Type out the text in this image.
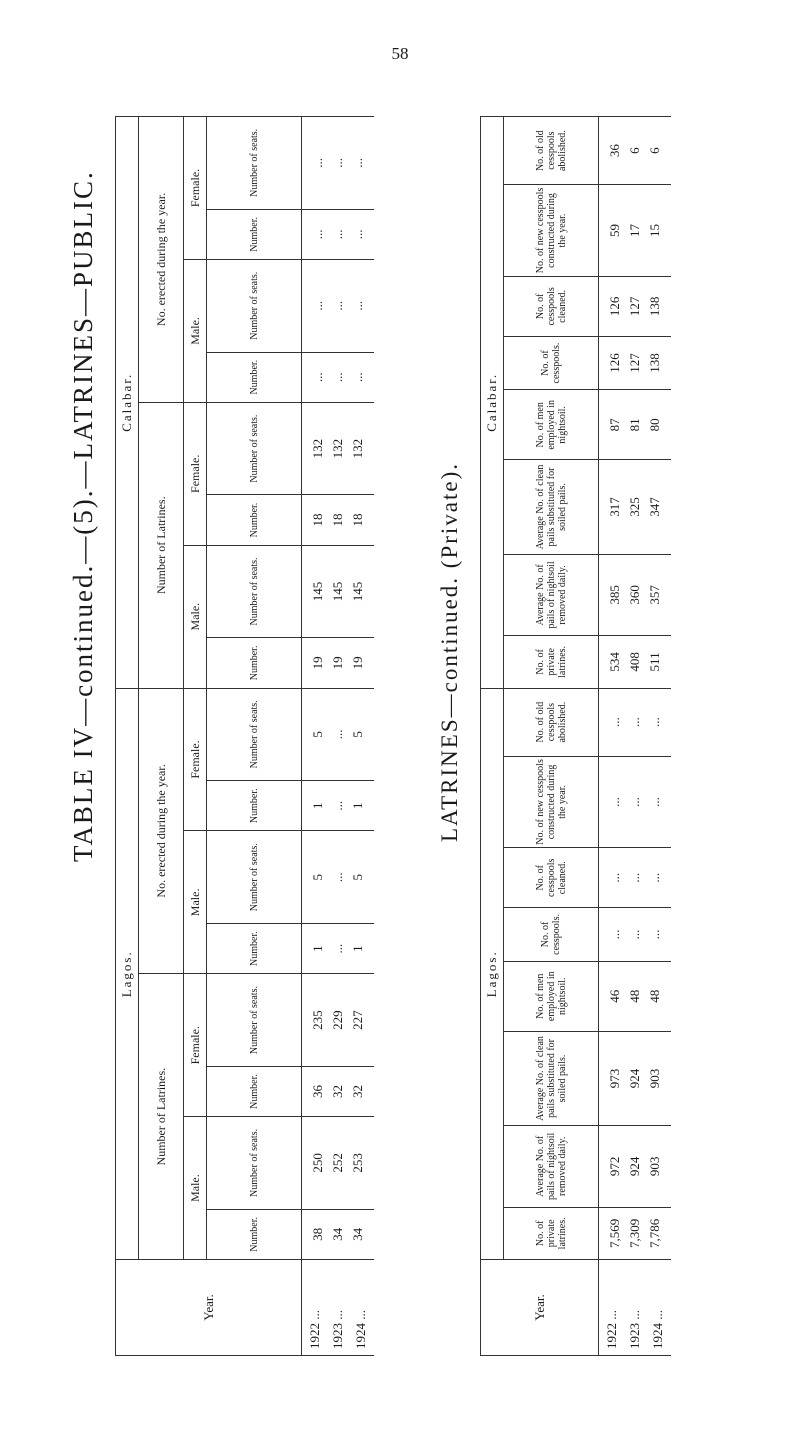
58
TABLE IV—continued.—(5).—LATRINES—PUBLIC.
Year.	Lagos.								Calabar.							
	Number of Latrines.				No. erected during the year.				Number of Latrines.				No. erected during the year.			
	Male.		Female.		Male.		Female.		Male.		Female.		Male.		Female.	
	Number.	Number of seats.	Number.	Number of seats.	Number.	Number of seats.	Number.	Number of seats.	Number.	Number of seats.	Number.	Number of seats.	Number.	Number of seats.	Number.	Number of seats.
1922 ...	38	250	36	235	1	5	1	5	19	145	18	132	...	...	...	...
1923 ...	34	252	32	229	...	...	...	...	19	145	18	132	...	...	...	...
1924 ...	34	253	32	227	1	5	1	5	19	145	18	132	...	...	...	...
LATRINES—continued. (Private).
Year.	Lagos.								Calabar.							
	No. of private latrines.	Average No. of pails of nightsoil removed daily.	Average No. of clean pails substituted for soiled pails.	No. of men employed in nightsoil.	No. of cesspools.	No. of cesspools cleaned.	No. of new cesspools constructed during the year.	No. of old cesspools abolished.	No. of private latrines.	Average No. of pails of nightsoil removed daily.	Average No. of clean pails substituted for soiled pails.	No. of men employed in nightsoil.	No. of cesspools.	No. of cesspools cleaned.	No. of new cesspools constructed during the year.	No. of old cesspools abolished.
1922 ...	7,569	972	973	46	...	...	...	...	534	385	317	87	126	126	59	36
1923 ...	7,309	924	924	48	...	...	...	...	408	360	325	81	127	127	17	6
1924 ...	7,786	903	903	48	...	...	...	...	511	357	347	80	138	138	15	6
